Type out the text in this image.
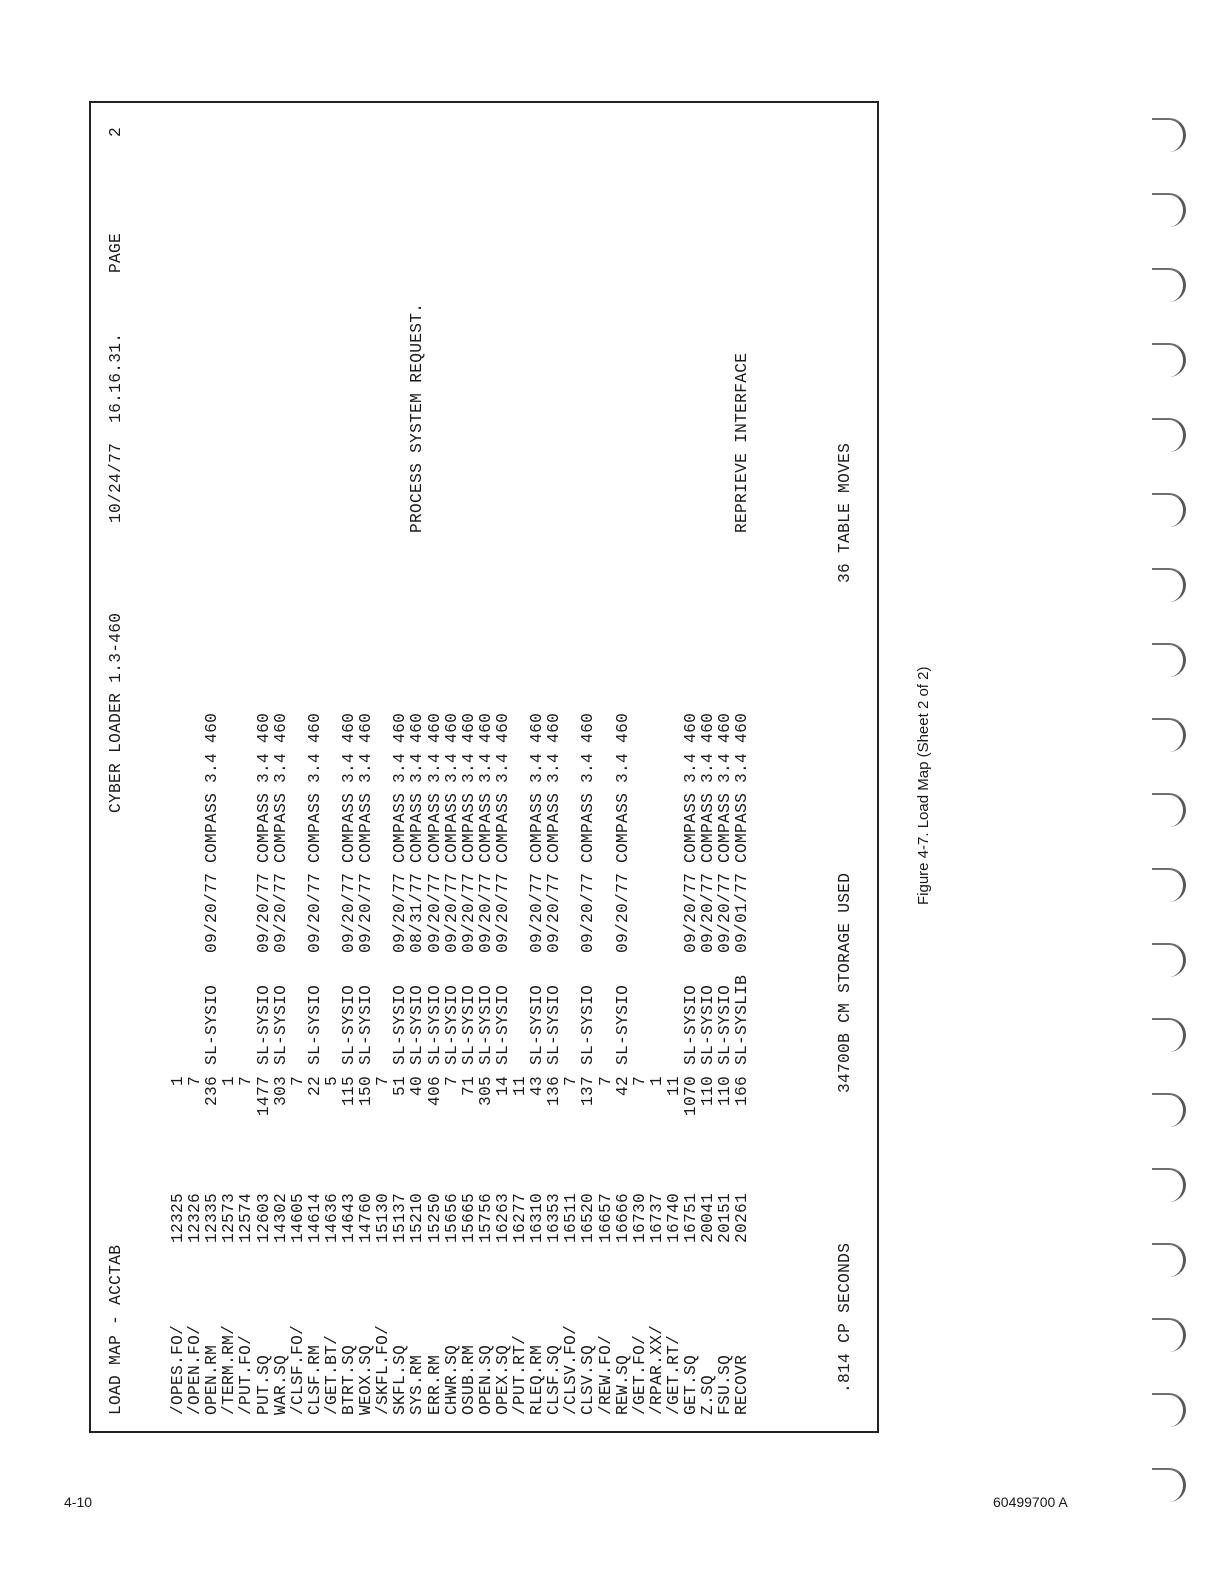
LOAD MAP - ACCTAB
CYBER LOADER 1.3-460
10/24/77  16.16.31.
PAGE
2
/OPES.FO/
12325
1
/OPEN.FO/
12326
7
OPEN.RM
12335
236
SL-SYSIO
09/20/77
COMPASS
3.4 460
/TERM.RM/
12573
1
/PUT.FO/
12574
7
PUT.SQ
12603
1477
SL-SYSIO
09/20/77
COMPASS
3.4 460
WAR.SQ
14302
303
SL-SYSIO
09/20/77
COMPASS
3.4 460
/CLSF.FO/
14605
7
CLSF.RM
14614
22
SL-SYSIO
09/20/77
COMPASS
3.4 460
/GET.BT/
14636
5
BTRT.SQ
14643
115
SL-SYSIO
09/20/77
COMPASS
3.4 460
WEOX.SQ
14760
150
SL-SYSIO
09/20/77
COMPASS
3.4 460
/SKFL.FO/
15130
7
SKFL.SQ
15137
51
SL-SYSIO
09/20/77
COMPASS
3.4 460
SYS.RM
15210
40
SL-SYSIO
08/31/77
COMPASS
3.4 460
PROCESS SYSTEM REQUEST.
ERR.RM
15250
406
SL-SYSIO
09/20/77
COMPASS
3.4 460
CHWR.SQ
15656
7
SL-SYSIO
09/20/77
COMPASS
3.4 460
OSUB.RM
15665
71
SL-SYSIO
09/20/77
COMPASS
3.4 460
OPEN.SQ
15756
305
SL-SYSIO
09/20/77
COMPASS
3.4 460
OPEX.SQ
16263
14
SL-SYSIO
09/20/77
COMPASS
3.4 460
/PUT.RT/
16277
11
RLEQ.RM
16310
43
SL-SYSIO
09/20/77
COMPASS
3.4 460
CLSF.SQ
16353
136
SL-SYSIO
09/20/77
COMPASS
3.4 460
/CLSV.FO/
16511
7
CLSV.SQ
16520
137
SL-SYSIO
09/20/77
COMPASS
3.4 460
/REW.FO/
16657
7
REW.SQ
16666
42
SL-SYSIO
09/20/77
COMPASS
3.4 460
/GET.FO/
16730
7
/RPAR.XX/
16737
1
/GET.RT/
16740
11
GET.SQ
16751
1070
SL-SYSIO
09/20/77
COMPASS
3.4 460
Z.SQ
20041
110
SL-SYSIO
09/20/77
COMPASS
3.4 460
FSU.SQ
20151
110
SL-SYSIO
09/20/77
COMPASS
3.4 460
RECOVR
20261
166
SL-SYSLIB
09/01/77
COMPASS
3.4 460
REPRIEVE INTERFACE
.814 CP SECONDS
34700B CM STORAGE USED
36 TABLE MOVES
Figure 4-7. Load Map (Sheet 2 of 2)
4-10	60499700 A
